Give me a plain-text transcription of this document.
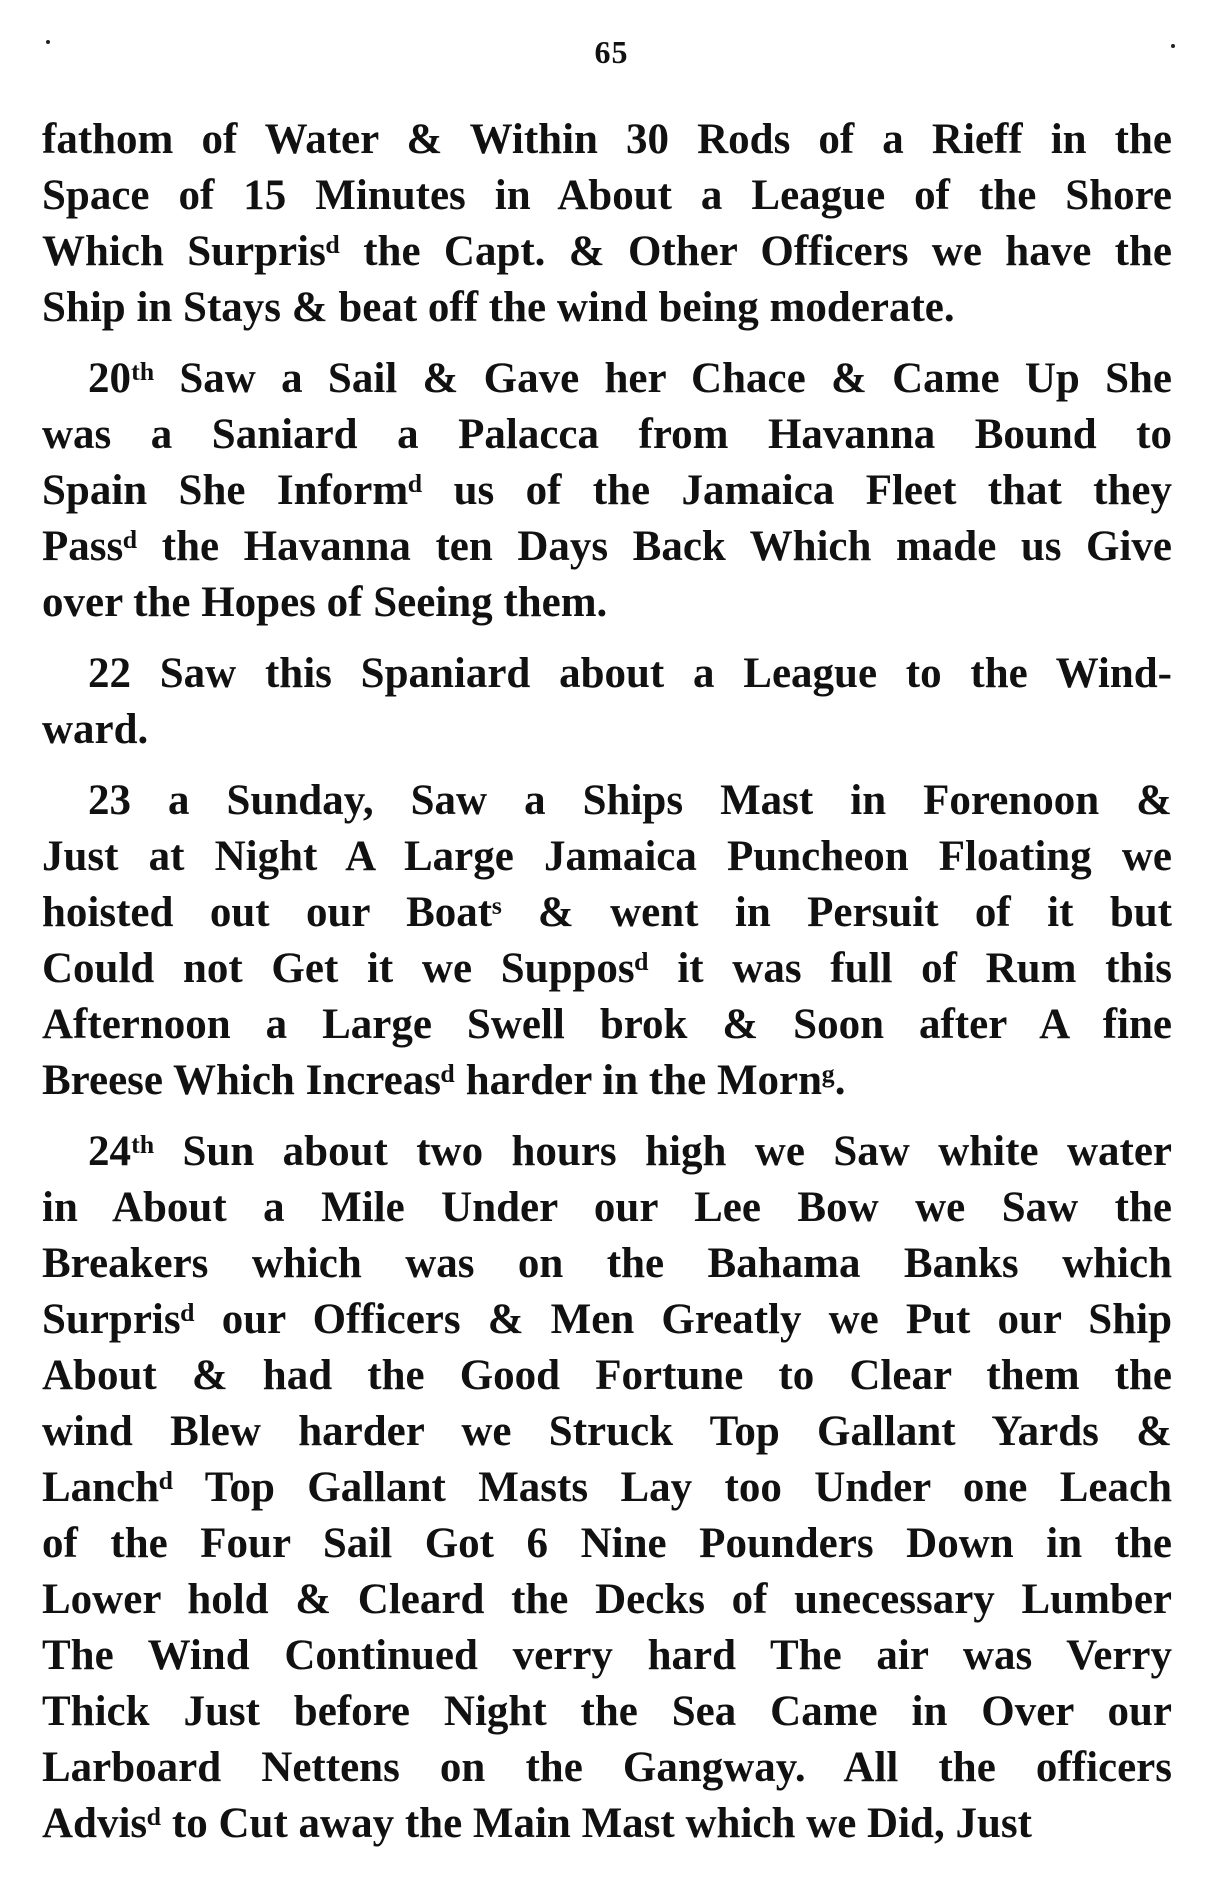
65
fathom of Water & Within 30 Rods of a Rieff in the
Space of 15 Minutes in About a League of the Shore
Which Surprisᵈ the Capt. & Other Officers we have the
Ship in Stays & beat off the wind being moderate.
20ᵗʰ Saw a Sail & Gave her Chace & Came Up She
was a Saniard a Palacca from Havanna Bound to
Spain She Informᵈ us of the Jamaica Fleet that they
Passᵈ the Havanna ten Days Back Which made us Give
over the Hopes of Seeing them.
22 Saw this Spaniard about a League to the Wind-
ward.
23 a Sunday, Saw a Ships Mast in Forenoon &
Just at Night A Large Jamaica Puncheon Floating we
hoisted out our Boatˢ & went in Persuit of it but
Could not Get it we Supposᵈ it was full of Rum this
Afternoon a Large Swell brok & Soon after A fine
Breese Which Increasᵈ harder in the Mornᵍ.
24ᵗʰ Sun about two hours high we Saw white water
in About a Mile Under our Lee Bow we Saw the
Breakers which was on the Bahama Banks which
Surprisᵈ our Officers & Men Greatly we Put our Ship
About & had the Good Fortune to Clear them the
wind Blew harder we Struck Top Gallant Yards &
Lanchᵈ Top Gallant Masts Lay too Under one Leach
of the Four Sail Got 6 Nine Pounders Down in the
Lower hold & Cleard the Decks of unecessary Lumber
The Wind Continued verry hard The air was Verry
Thick Just before Night the Sea Came in Over our
Larboard Nettens on the Gangway. All the officers
Advisᵈ to Cut away the Main Mast which we Did, Just
